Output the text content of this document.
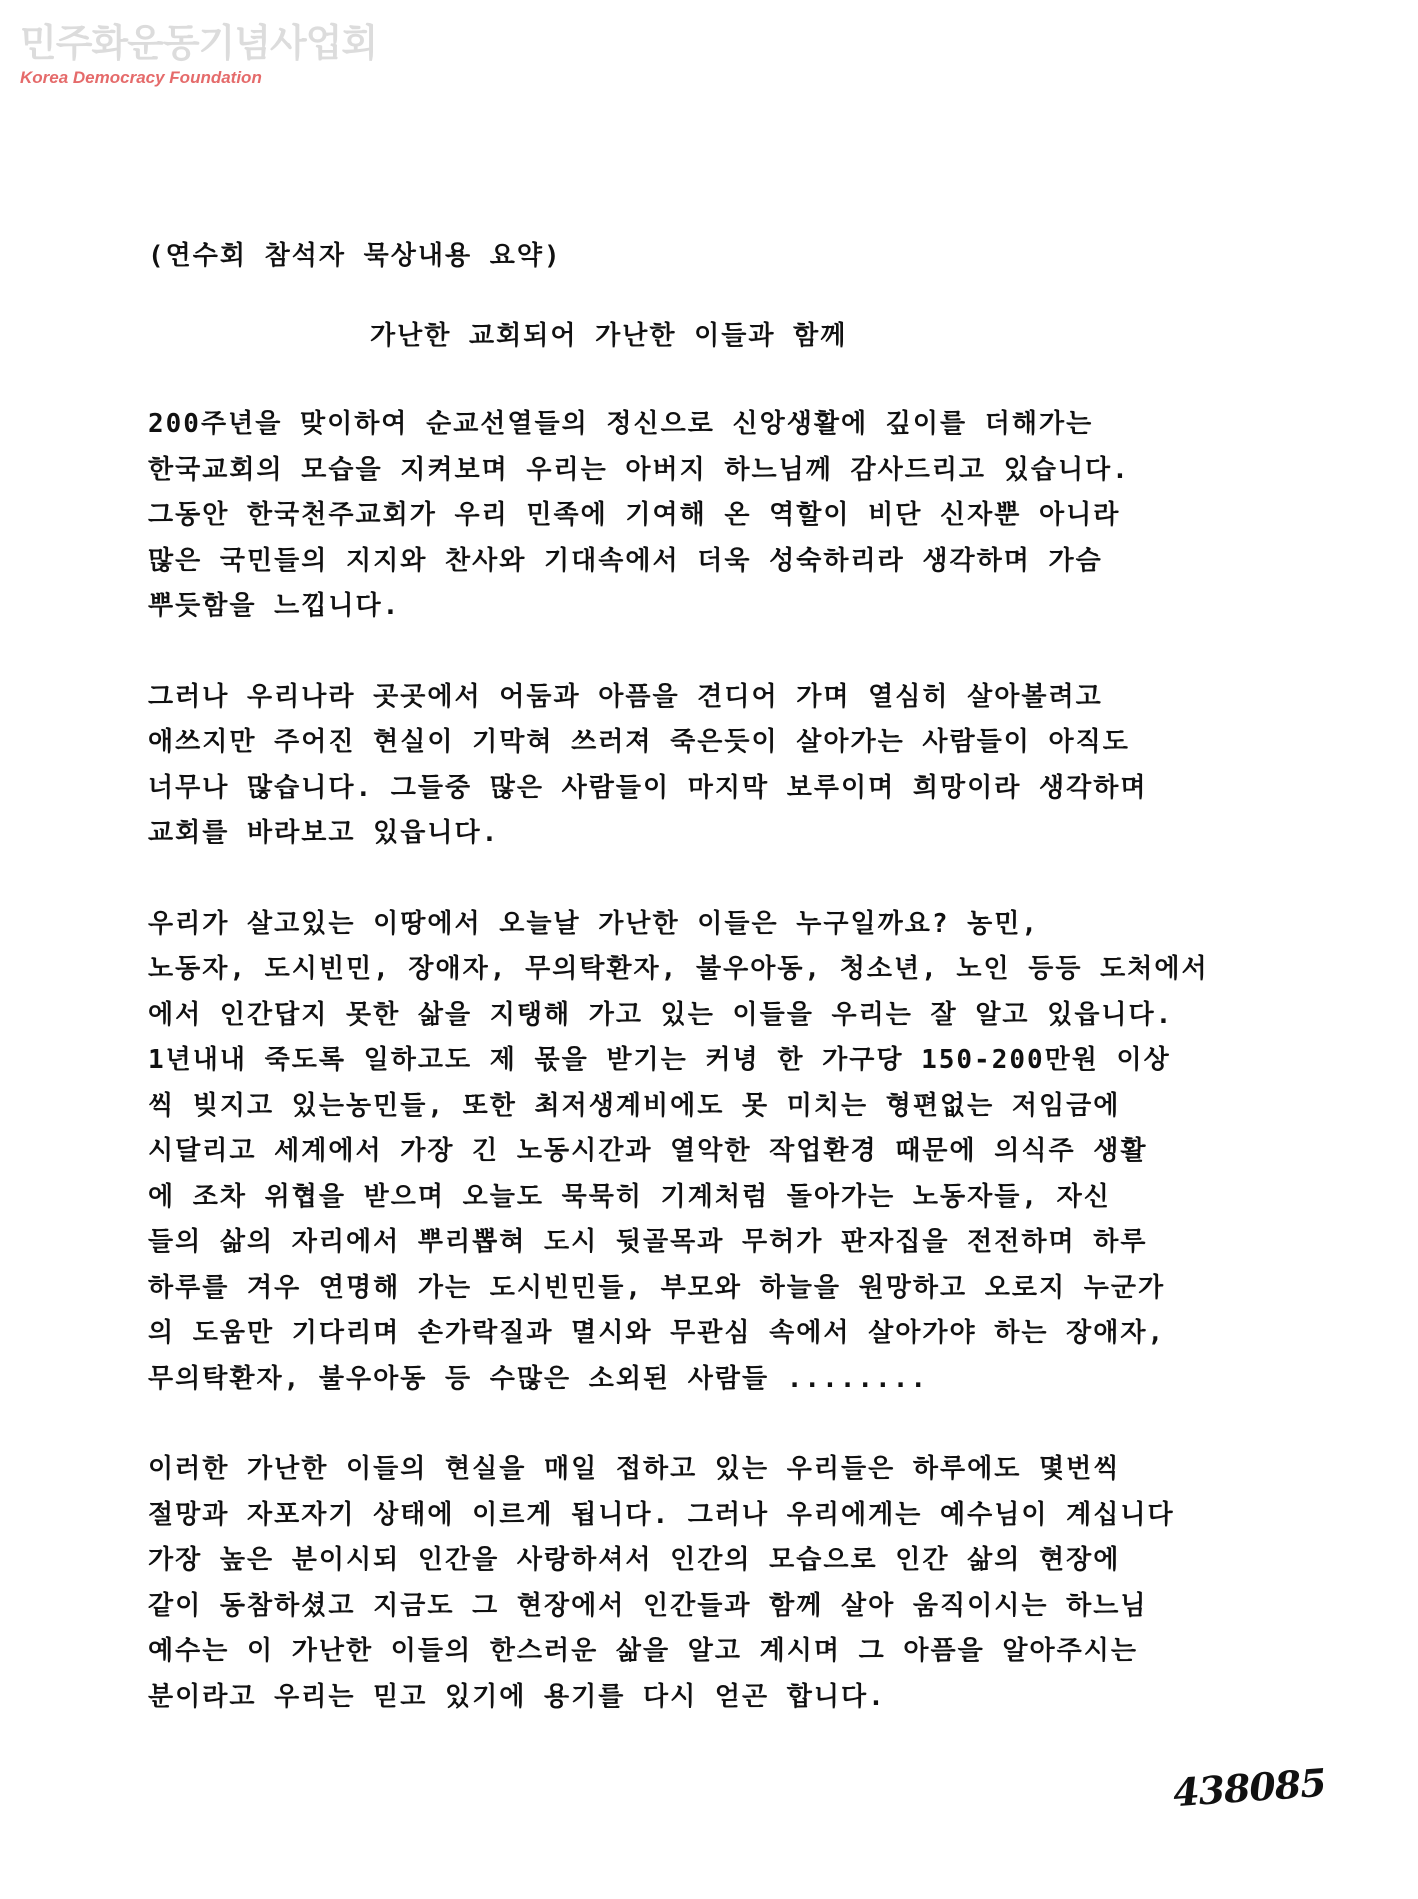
민주화운동기념사업회
Korea Democracy Foundation
(연수회 참석자 묵상내용 요약)
가난한 교회되어 가난한 이들과 함께
200주년을 맞이하여 순교선열들의 정신으로 신앙생활에 깊이를 더해가는
한국교회의 모습을 지켜보며 우리는 아버지 하느님께 감사드리고 있습니다.
그동안 한국천주교회가 우리 민족에 기여해 온 역할이 비단 신자뿐 아니라
많은 국민들의 지지와 찬사와 기대속에서 더욱 성숙하리라 생각하며 가슴
뿌듯함을 느낍니다.
그러나 우리나라 곳곳에서 어둠과 아픔을 견디어 가며 열심히 살아볼려고
애쓰지만 주어진 현실이 기막혀 쓰러져 죽은듯이 살아가는 사람들이 아직도
너무나 많습니다. 그들중 많은 사람들이 마지막 보루이며 희망이라 생각하며
교회를 바라보고 있읍니다.
우리가 살고있는 이땅에서 오늘날 가난한 이들은 누구일까요? 농민,
노동자, 도시빈민, 장애자, 무의탁환자, 불우아동, 청소년, 노인 등등 도처에서
에서 인간답지 못한 삶을 지탱해 가고 있는 이들을 우리는 잘 알고 있읍니다.
1년내내 죽도록 일하고도 제 몫을 받기는 커녕 한 가구당 150-200만원 이상
씩 빚지고 있는농민들, 또한 최저생계비에도 못 미치는 형편없는 저임금에
시달리고 세계에서 가장 긴 노동시간과 열악한 작업환경 때문에 의식주 생활
에 조차 위협을 받으며 오늘도 묵묵히 기계처럼 돌아가는 노동자들, 자신
들의 삶의 자리에서 뿌리뽑혀 도시 뒷골목과 무허가 판자집을 전전하며 하루
하루를 겨우 연명해 가는 도시빈민들, 부모와 하늘을 원망하고 오로지 누군가
의 도움만 기다리며 손가락질과 멸시와 무관심 속에서 살아가야 하는 장애자,
무의탁환자, 불우아동 등 수많은 소외된 사람들 ........
이러한 가난한 이들의 현실을 매일 접하고 있는 우리들은 하루에도 몇번씩
절망과 자포자기 상태에 이르게 됩니다. 그러나 우리에게는 예수님이 계십니다
가장 높은 분이시되 인간을 사랑하셔서 인간의 모습으로 인간 삶의 현장에
같이 동참하셨고 지금도 그 현장에서 인간들과 함께 살아 움직이시는 하느님
예수는 이 가난한 이들의 한스러운 삶을 알고 계시며 그 아픔을 알아주시는
분이라고 우리는 믿고 있기에 용기를 다시 얻곤 합니다.
438085
